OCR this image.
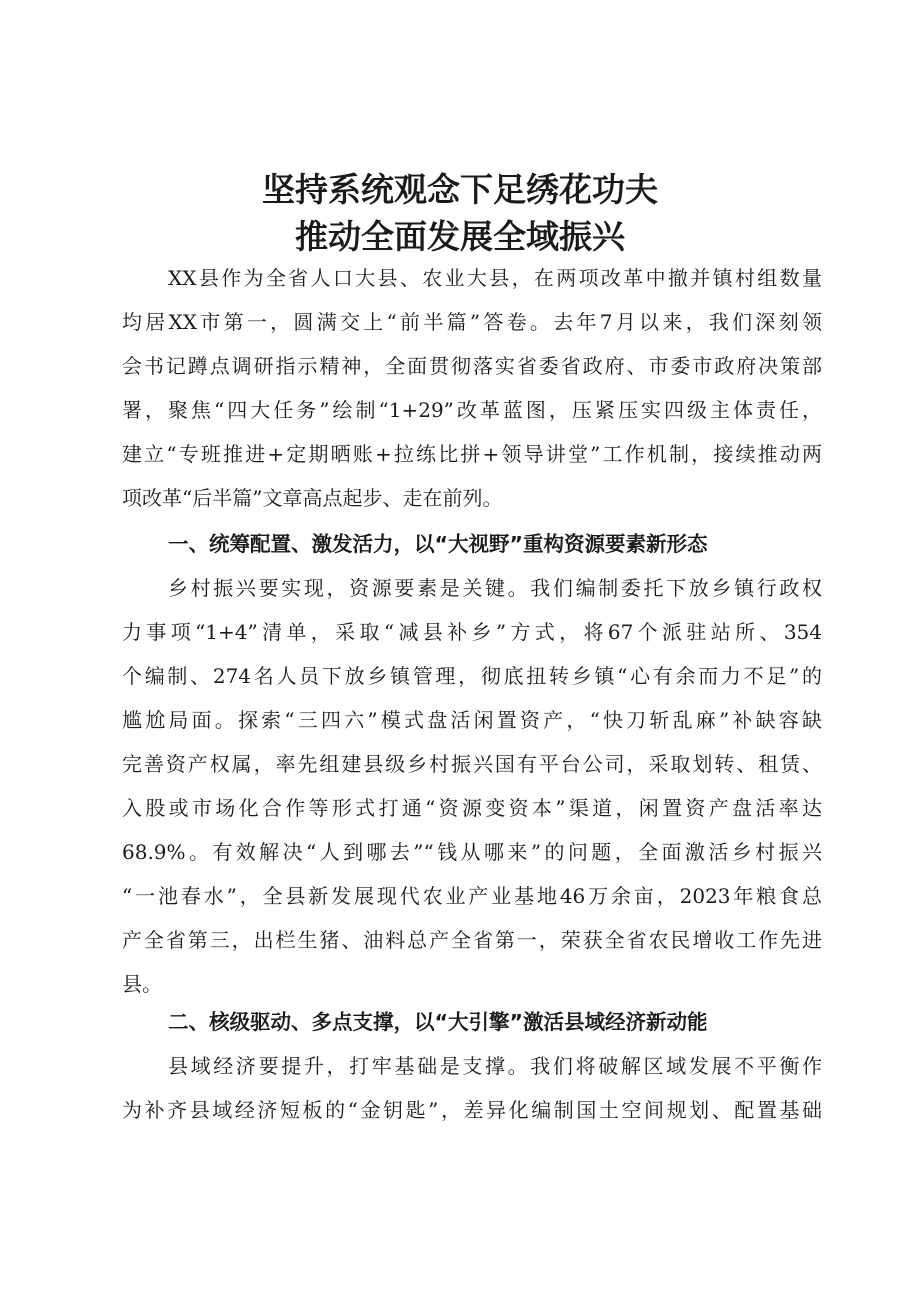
坚持系统观念下足绣花功夫
推动全面发展全域振兴
XX县作为全省人口大县、农业大县，在两项改革中撤并镇村组数量
均居XX市第一，圆满交上“前半篇”答卷。去年7月以来，我们深刻领
会书记蹲点调研指示精神，全面贯彻落实省委省政府、市委市政府决策部
署，聚焦“四大任务”绘制“1+29”改革蓝图，压紧压实四级主体责任，
建立“专班推进+定期晒账+拉练比拼+领导讲堂”工作机制，接续推动两
项改革“后半篇”文章高点起步、走在前列。
一、统筹配置、激发活力，以“大视野”重构资源要素新形态
乡村振兴要实现，资源要素是关键。我们编制委托下放乡镇行政权
力事项“1+4”清单，采取“减县补乡”方式，将67个派驻站所、354
个编制、274名人员下放乡镇管理，彻底扭转乡镇“心有余而力不足”的
尴尬局面。探索“三四六”模式盘活闲置资产，“快刀斩乱麻”补缺容缺
完善资产权属，率先组建县级乡村振兴国有平台公司，采取划转、租赁、
入股或市场化合作等形式打通“资源变资本”渠道，闲置资产盘活率达
68.9%。有效解决“人到哪去”“钱从哪来”的问题，全面激活乡村振兴
“一池春水”，全县新发展现代农业产业基地46万余亩，2023年粮食总
产全省第三，出栏生猪、油料总产全省第一，荣获全省农民增收工作先进
县。
二、核级驱动、多点支撑，以“大引擎”激活县域经济新动能
县域经济要提升，打牢基础是支撑。我们将破解区域发展不平衡作
为补齐县域经济短板的“金钥匙”，差异化编制国土空间规划、配置基础
